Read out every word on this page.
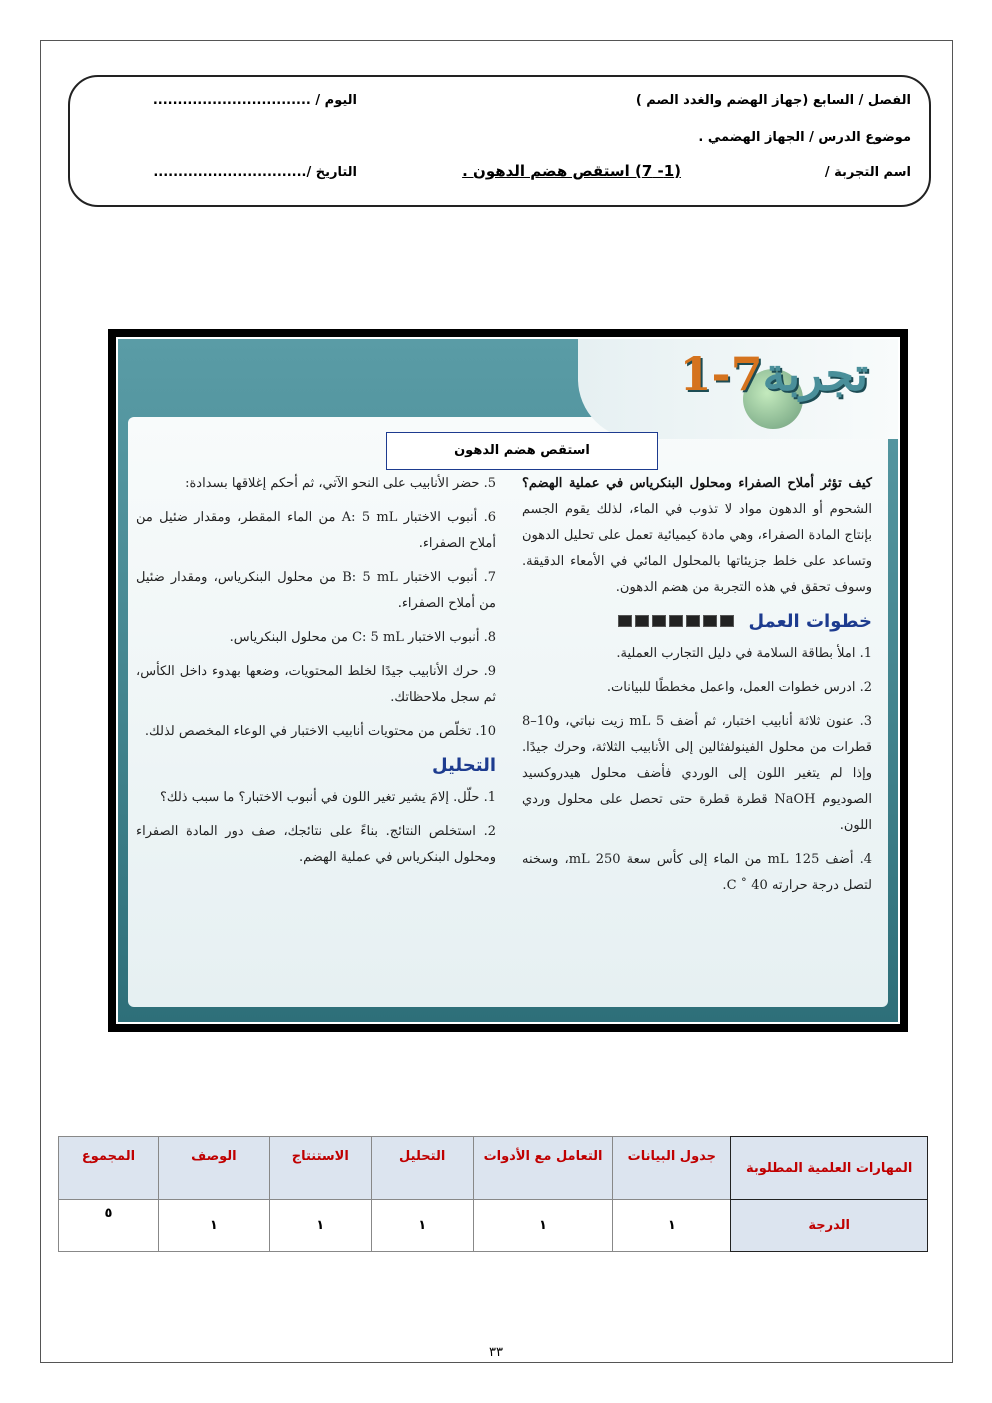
الفصل / السابع (جهاز الهضم والغدد الصم )
اليوم / ................................
موضوع الدرس / الجهاز الهضمي .
اسم التجربة /
(1- 7) استقص هضم الدهون .
التاريخ /...............................
تجربة7-1
استقص هضم الدهون

كيف تؤثر أملاح الصفراء ومحلول البنكرياس في عملية الهضم؟ الشحوم أو الدهون مواد لا تذوب في الماء، لذلك يقوم الجسم بإنتاج المادة الصفراء، وهي مادة كيميائية تعمل على تحليل الدهون وتساعد على خلط جزيئاتها بالمحلول المائي في الأمعاء الدقيقة. وسوف تحقق في هذه التجربة من هضم الدهون.

خطوات العمل

1. املأ بطاقة السلامة في دليل التجارب العملية.

2. ادرس خطوات العمل، واعمل مخططًا للبيانات.

3. عنون ثلاثة أنابيب اختبار، ثم أضف 5 mL زيت نباتي، و10–8 قطرات من محلول الفينولفثالين إلى الأنابيب الثلاثة، وحرك جيدًا. وإذا لم يتغير اللون إلى الوردي فأضف محلول هيدروكسيد الصوديوم NaOH قطرة قطرة حتى تحصل على محلول وردي اللون.

4. أضف 125 mL من الماء إلى كأس سعة 250 mL، وسخنه لتصل درجة حرارته C ˚ 40.

5. حضر الأنابيب على النحو الآتي، ثم أحكم إغلاقها بسدادة:

6. أنبوب الاختبار A: 5 mL من الماء المقطر، ومقدار ضئيل من أملاح الصفراء.

7. أنبوب الاختبار B: 5 mL من محلول البنكرياس، ومقدار ضئيل من أملاح الصفراء.

8. أنبوب الاختبار C: 5 mL من محلول البنكرياس.

9. حرك الأنابيب جيدًا لخلط المحتويات، وضعها بهدوء داخل الكأس، ثم سجل ملاحظاتك.

10. تخلّص من محتويات أنابيب الاختبار في الوعاء المخصص لذلك.

التحليل

1. حلّل. إلامَ يشير تغير اللون في أنبوب الاختبار؟ ما سبب ذلك؟

2. استخلص النتائج. بناءً على نتائجك، صف دور المادة الصفراء ومحلول البنكرياس في عملية الهضم.

المهارات العلمية المطلوبة	جدول البيانات	التعامل مع الأدوات	التحليل	الاستنتاج	الوصف	المجموع
الدرجة	١	١	١	١	١	٥
٣٣
